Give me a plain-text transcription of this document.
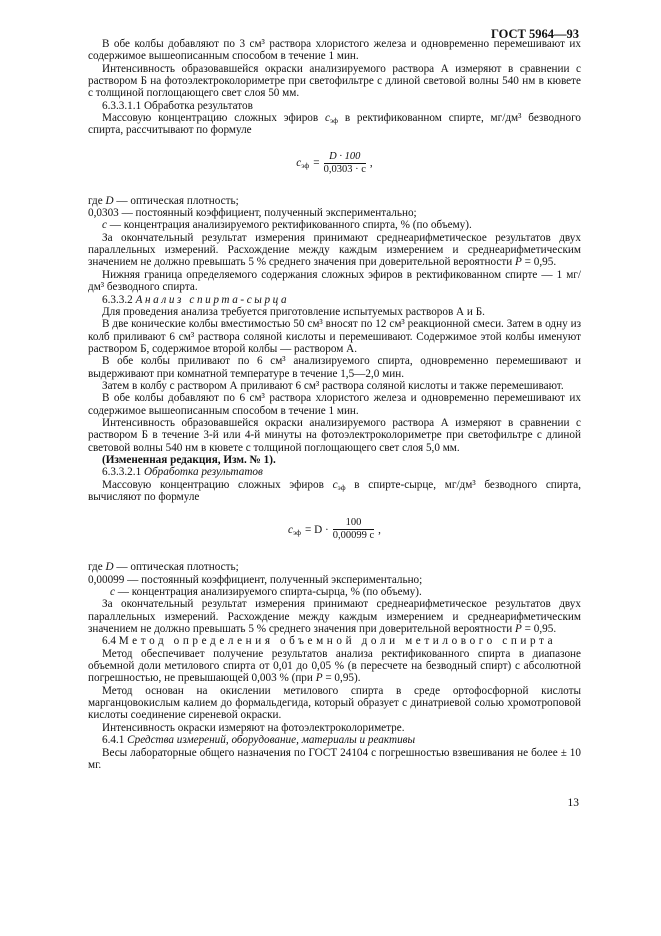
ГОСТ 5964—93

В обе колбы добавляют по 3 см³ раствора хлористого железа и одновременно перемешивают их содержимое вышеописанным способом в течение 1 мин.

Интенсивность образовавшейся окраски анализируемого раствора А измеряют в сравнении с раствором Б на фотоэлектроколориметре при светофильтре с длиной световой волны 540 нм в кювете с толщиной поглощающего свет слоя 50 мм.

6.3.3.1.1 Обработка результатов

Массовую концентрацию сложных эфиров $c_{эф}$ в ректификованном спирте, мг/дм³ безводного спирта, рассчитывают по формуле

$c_{эф} = \frac{D \cdot 100}{0,0303 \cdot c}$ ,

где D — оптическая плотность;

0,0303 — постоянный коэффициент, полученный экспериментально;

c — концентрация анализируемого ректификованного спирта, % (по объему).

За окончательный результат измерения принимают среднеарифметическое результатов двух параллельных измерений. Расхождение между каждым измерением и среднеарифметическим значением не должно превышать 5 % среднего значения при доверительной вероятности P = 0,95.

Нижняя граница определяемого содержания сложных эфиров в ректификованном спирте — 1 мг/дм³ безводного спирта.

6.3.3.2 Анализ спирта-сырца

Для проведения анализа требуется приготовление испытуемых растворов А и Б.

В две конические колбы вместимостью 50 см³ вносят по 12 см³ реакционной смеси. Затем в одну из колб приливают 6 см³ раствора соляной кислоты и перемешивают. Содержимое этой колбы именуют раствором Б, содержимое второй колбы — раствором А.

В обе колбы приливают по 6 см³ анализируемого спирта, одновременно перемешивают и выдерживают при комнатной температуре в течение 1,5—2,0 мин.

Затем в колбу с раствором А приливают 6 см³ раствора соляной кислоты и также перемешивают.

В обе колбы добавляют по 6 см³ раствора хлористого железа и одновременно перемешивают их содержимое вышеописанным способом в течение 1 мин.

Интенсивность образовавшейся окраски анализируемого раствора А измеряют в сравнении с раствором Б в течение 3-й или 4-й минуты на фотоэлектроколориметре при светофильтре с длиной световой волны 540 нм в кювете с толщиной поглощающего свет слоя 5,0 мм.

(Измененная редакция, Изм. № 1).

6.3.3.2.1 Обработка результатов

Массовую концентрацию сложных эфиров $c_{эф}$ в спирте-сырце, мг/дм³ безводного спирта, вычисляют по формуле

$c_{эф} = D \cdot \frac{100}{0,00099 c}$ ,

где D — оптическая плотность;

0,00099 — постоянный коэффициент, полученный экспериментально;

c — концентрация анализируемого спирта-сырца, % (по объему).

За окончательный результат измерения принимают среднеарифметическое результатов двух параллельных измерений. Расхождение между каждым измерением и среднеарифметическим значением не должно превышать 5 % среднего значения при доверительной вероятности P = 0,95.

6.4 Метод определения объемной доли метилового спирта

Метод обеспечивает получение результатов анализа ректификованного спирта в диапазоне объемной доли метилового спирта от 0,01 до 0,05 % (в пересчете на безводный спирт) с абсолютной погрешностью, не превышающей 0,003 % (при P = 0,95).

Метод основан на окислении метилового спирта в среде ортофосфорной кислоты марганцовокислым калием до формальдегида, который образует с динатриевой солью хромотроповой кислоты соединение сиреневой окраски.

Интенсивность окраски измеряют на фотоэлектроколориметре.

6.4.1 Средства измерений, оборудование, материалы и реактивы

Весы лабораторные общего назначения по ГОСТ 24104 с погрешностью взвешивания не более ± 10 мг.

13
